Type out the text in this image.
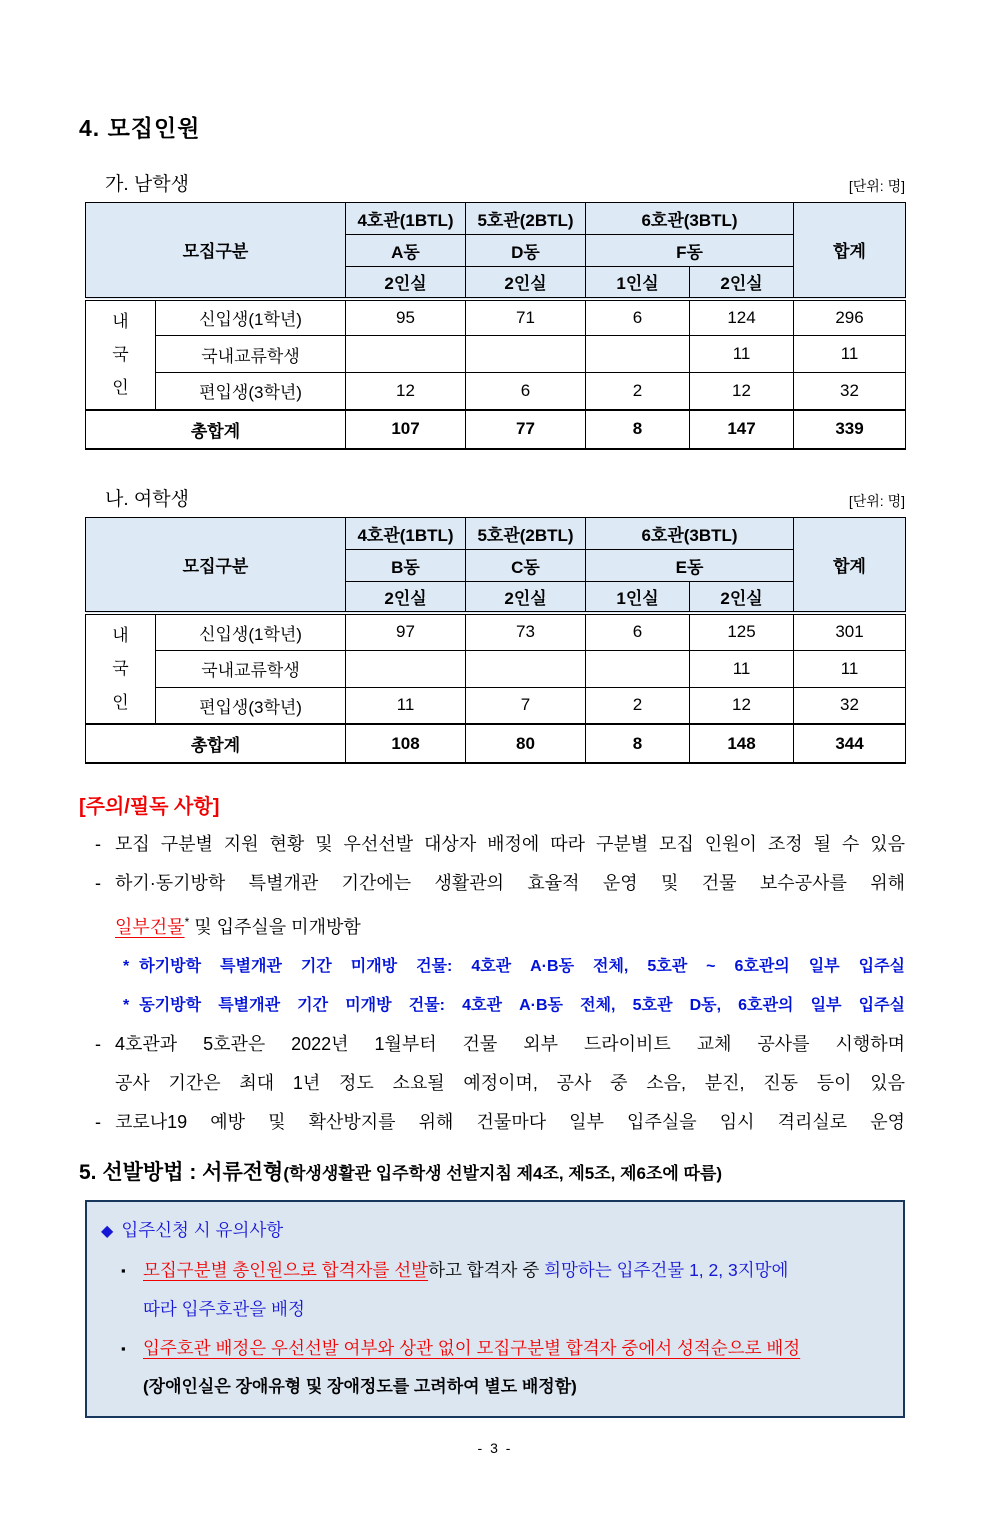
4. 모집인원
가. 남학생	[단위: 명]
모집구분		4호관(1BTL)	5호관(2BTL)	6호관(3BTL)		합계
		A동	D동	F동		
		2인실	2인실	1인실	2인실	

내국인	신입생(1학년)	95	71	6	124	296
	국내교류학생				11	11
	편입생(3학년)	12	6	2	12	32
총합계		107	77	8	147	339
나. 여학생	[단위: 명]
모집구분		4호관(1BTL)	5호관(2BTL)	6호관(3BTL)		합계
		B동	C동	E동		
		2인실	2인실	1인실	2인실	

내국인	신입생(1학년)	97	73	6	125	301
	국내교류학생				11	11
	편입생(3학년)	11	7	2	12	32
총합계		108	80	8	148	344
[주의/필독 사항]
- 모집 구분별 지원 현황 및 우선선발 대상자 배정에 따라 구분별 모집 인원이 조정 될 수 있음
- 하기·동기방학 특별개관 기간에는 생활관의 효율적 운영 및 건물 보수공사를 위해
일부건물* 및 입주실을 미개방함
* 하기방학 특별개관 기간 미개방 건물: 4호관 A·B동 전체, 5호관 ~ 6호관의 일부 입주실
* 동기방학 특별개관 기간 미개방 건물: 4호관 A·B동 전체, 5호관 D동, 6호관의 일부 입주실
- 4호관과 5호관은 2022년 1월부터 건물 외부 드라이비트 교체 공사를 시행하며
공사 기간은 최대 1년 정도 소요될 예정이며, 공사 중 소음, 분진, 진동 등이 있음
- 코로나19 예방 및 확산방지를 위해 건물마다 일부 입주실을 임시 격리실로 운영
5. 선발방법 : 서류전형(학생생활관 입주학생 선발지침 제4조, 제5조, 제6조에 따름)
◆ 입주신청 시 유의사항
▪ 모집구분별 총인원으로 합격자를 선발하고 합격자 중 희망하는 입주건물 1, 2, 3지망에
따라 입주호관을 배정
▪ 입주호관 배정은 우선선발 여부와 상관 없이 모집구분별 합격자 중에서 성적순으로 배정
(장애인실은 장애유형 및 장애정도를 고려하여 별도 배정함)
- 3 -
